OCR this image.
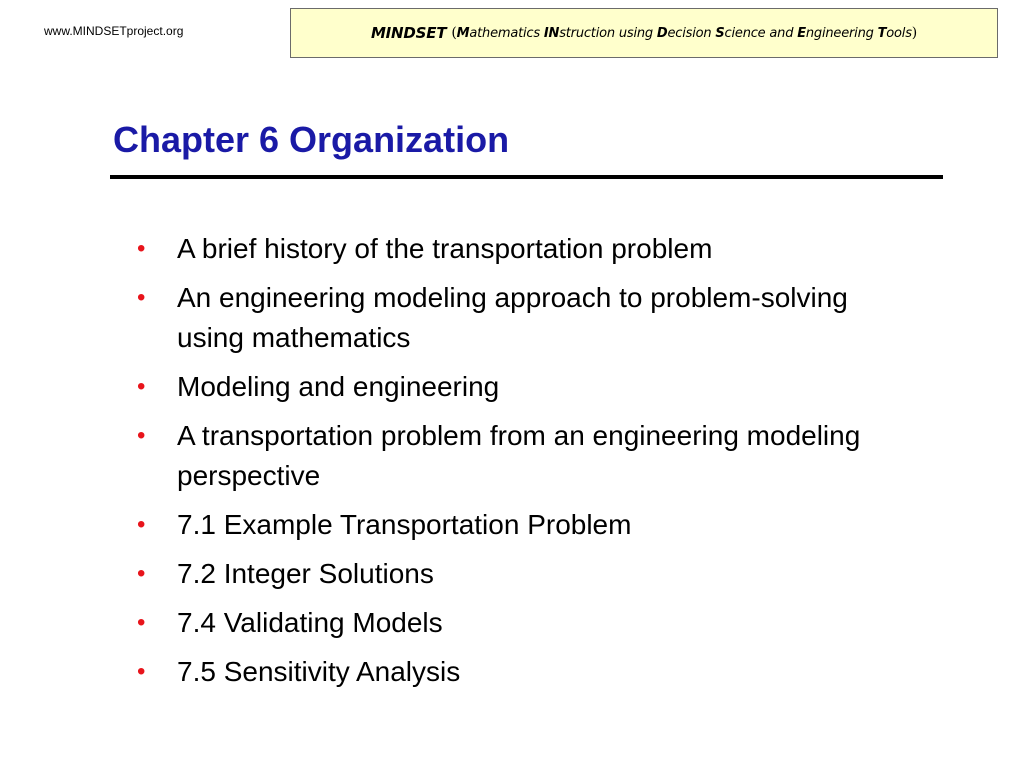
www.MINDSETproject.org	MINDSET ( Mathematics INstruction using Decision Science and Engineering Tools )
Chapter 6 Organization
• A brief history of the transportation problem
• An engineering modeling approach to problem-solving using mathematics
• Modeling and engineering
• A transportation problem from an engineering modeling perspective
• 7.1 Example Transportation Problem
• 7.2 Integer Solutions
• 7.4 Validating Models
• 7.5 Sensitivity Analysis
